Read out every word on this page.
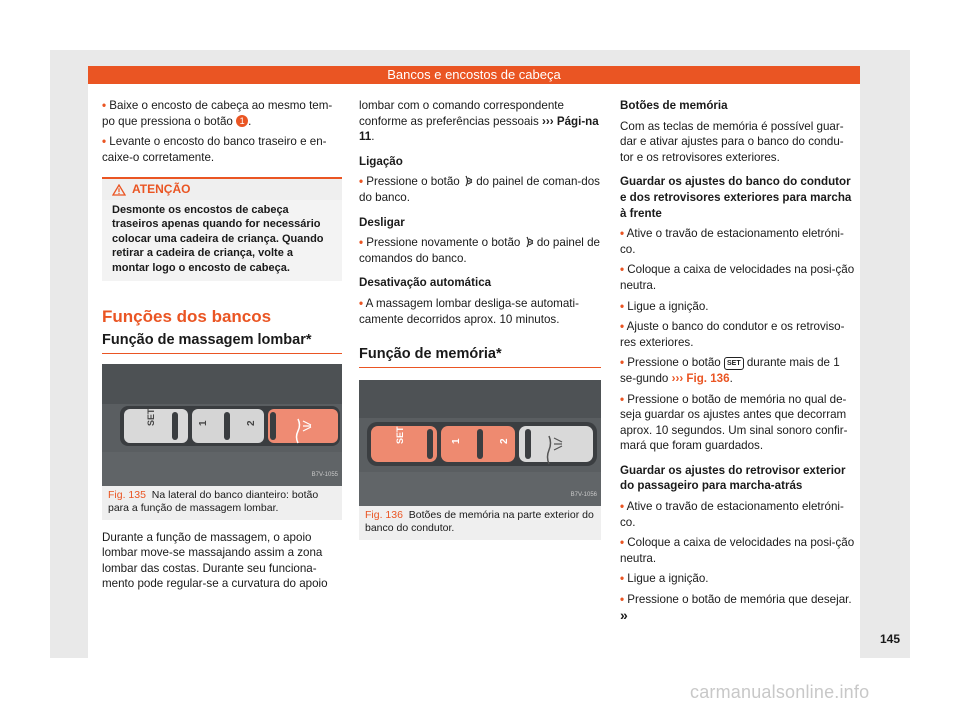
Bancos e encostos de cabeça

• Baixe o encosto de cabeça ao mesmo tem-po que pressiona o botão 1 .

• Levante o encosto do banco traseiro e en-caixe-o corretamente.

ATENÇÃO
Desmonte os encostos de cabeça traseiros apenas quando for necessário colocar uma cadeira de criança. Quando retirar a cadeira de criança, volte a montar logo o encosto de cabeça.
Funções dos bancos
Função de massagem lombar*
SET	1	2
B7V-1055
Fig. 135 Na lateral do banco dianteiro: botão para a função de massagem lombar.

Durante a função de massagem, o apoio lombar move-se massajando assim a zona lombar das costas. Durante seu funciona-mento pode regular-se a curvatura do apoio

lombar com o comando correspondente conforme as preferências pessoais ››› Pági-na 11.

Ligação

• Pressione o botão do painel de coman-dos do banco.

Desligar

• Pressione novamente o botão do painel de comandos do banco.

Desativação automática

• A massagem lombar desliga-se automati-camente decorridos aprox. 10 minutos.

Função de memória*
SET	1	2
B7V-1056
Fig. 136 Botões de memória na parte exterior do banco do condutor.

Botões de memória

Com as teclas de memória é possível guar-dar e ativar ajustes para o banco do condu-tor e os retrovisores exteriores.

Guardar os ajustes do banco do condutor e dos retrovisores exteriores para marcha à frente

• Ative o travão de estacionamento eletróni-co.

• Coloque a caixa de velocidades na posi-ção neutra.

• Ligue a ignição.

• Ajuste o banco do condutor e os retroviso-res exteriores.

• Pressione o botão SET durante mais de 1 se-gundo ››› Fig. 136.

• Pressione o botão de memória no qual de-seja guardar os ajustes antes que decorram aprox. 10 segundos. Um sinal sonoro confir-mará que foram guardados.

Guardar os ajustes do retrovisor exterior do passageiro para marcha-atrás

• Ative o travão de estacionamento eletróni-co.

• Coloque a caixa de velocidades na posi-ção neutra.

• Ligue a ignição.

• Pressione o botão de memória que desejar. »

145
carmanualsonline.info
